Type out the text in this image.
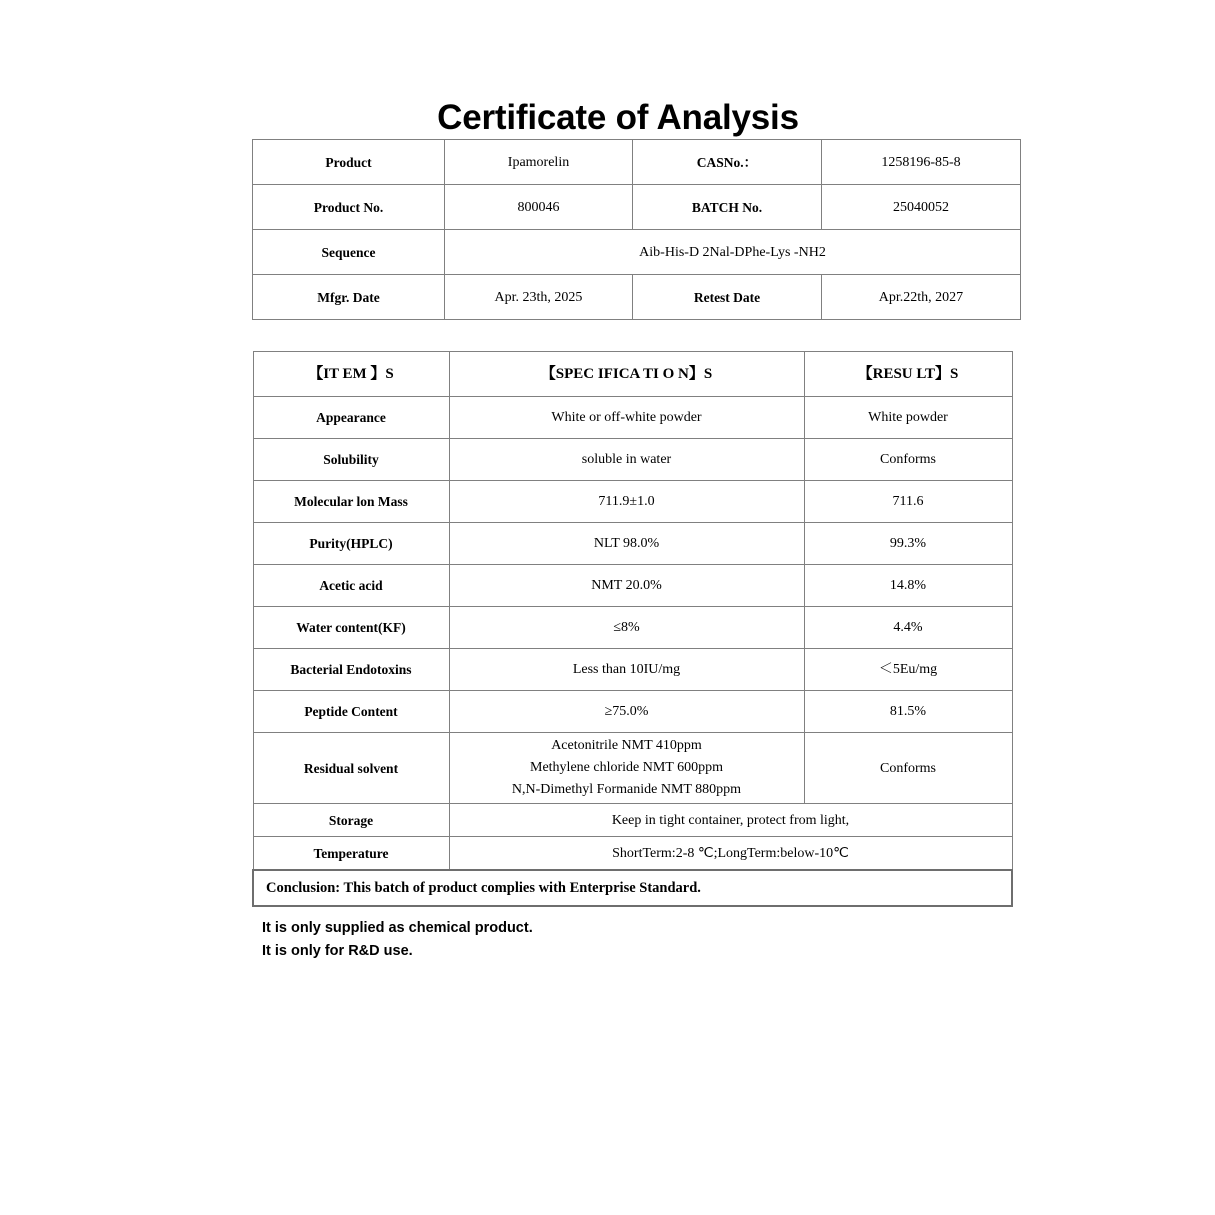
Certificate of Analysis
Product	Ipamorelin	CASNo.：	1258196-85-8
Product No.	800046	BATCH No.	25040052
Sequence	Aib-His-D 2Nal-DPhe-Lys -NH2		
Mfgr. Date	Apr. 23th, 2025	Retest Date	Apr.22th, 2027
【IT EM 】S	【SPEC IFICA TI O N】S	【RESU LT】S
Appearance	White or off-white powder	White powder
Solubility	soluble in water	Conforms
Molecular lon Mass	711.9±1.0	711.6
Purity(HPLC)	NLT 98.0%	99.3%
Acetic acid	NMT 20.0%	14.8%
Water content(KF)	≤8%	4.4%
Bacterial Endotoxins	Less than 10IU/mg	＜5Eu/mg
Peptide Content	≥75.0%	81.5%
Residual solvent	Acetonitrile NMT 410ppm
Methylene chloride NMT 600ppm
N,N-Dimethyl Formanide NMT 880ppm	Conforms
Storage	Keep in tight container, protect from light,	
Temperature	ShortTerm:2-8 ℃;LongTerm:below-10℃	
Conclusion: This batch of product complies with Enterprise Standard.		
It is only supplied as chemical product.
It is only for R&D use.
